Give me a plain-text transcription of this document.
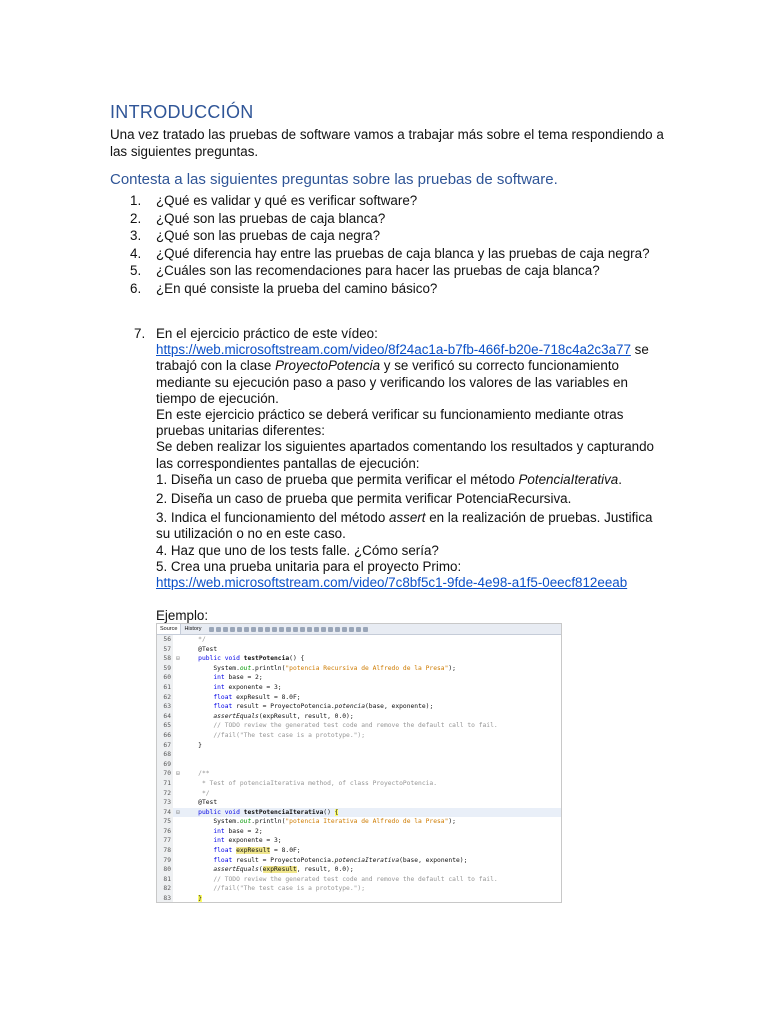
INTRODUCCIÓN
Una vez tratado las pruebas de software vamos a trabajar más sobre el tema respondiendo a las siguientes preguntas.
Contesta a las siguientes preguntas sobre las pruebas de software.
1. ¿Qué es validar y qué es verificar software?
2. ¿Qué son las pruebas de caja blanca?
3. ¿Qué son las pruebas de caja negra?
4. ¿Qué diferencia hay entre las pruebas de caja blanca y las pruebas de caja negra?
5. ¿Cuáles son las recomendaciones para hacer las pruebas de caja blanca?
6. ¿En qué consiste la prueba del camino básico?
7. En el ejercicio práctico de este vídeo:

https://web.microsoftstream.com/video/8f24ac1a-b7fb-466f-b20e-718c4a2c3a77 se trabajó con la clase ProyectoPotencia y se verificó su correcto funcionamiento mediante su ejecución paso a paso y verificando los valores de las variables en tiempo de ejecución.

En este ejercicio práctico se deberá verificar su funcionamiento mediante otras pruebas unitarias diferentes:

Se deben realizar los siguientes apartados comentando los resultados y capturando las correspondientes pantallas de ejecución:

1. Diseña un caso de prueba que permita verificar el método PotenciaIterativa.

2. Diseña un caso de prueba que permita verificar PotenciaRecursiva.

3. Indica el funcionamiento del método assert en la realización de pruebas. Justifica su utilización o no en este caso.

4. Haz que uno de los tests falle. ¿Cómo sería?

5. Crea una prueba unitaria para el proyecto Primo:

https://web.microsoftstream.com/video/7c8bf5c1-9fde-4e98-a1f5-0eecf812eeab

Ejemplo:
Source	History
56	*/
57    @Test
58 ⊟	public void testPotencia() {
59        System.out.println("potencia Recursiva de Alfredo de la Presa");
60	int base = 2;
61	int exponente = 3;
62	float expResult = 8.0F;
63	float result = ProyectoPotencia.potencia(base, exponente);
64	assertEquals(expResult, result, 0.0);
65	// TODO review the generated test code and remove the default call to fail.
66	//fail("The test case is a prototype.");
67    }
68
69
70 ⊟	/**
71	* Test of potenciaIterativa method, of class ProyectoPotencia.
72	*/
73    @Test
74 ⊟	public void testPotenciaIterativa() {
75        System.out.println("potencia Iterativa de Alfredo de la Presa");
76	int base = 2;
77	int exponente = 3;
78	float expResult = 8.0F;
79	float result = ProyectoPotencia.potenciaIterativa(base, exponente);
80	assertEquals(expResult, result, 0.0);
81	// TODO review the generated test code and remove the default call to fail.
82	//fail("The test case is a prototype.");
83	}
